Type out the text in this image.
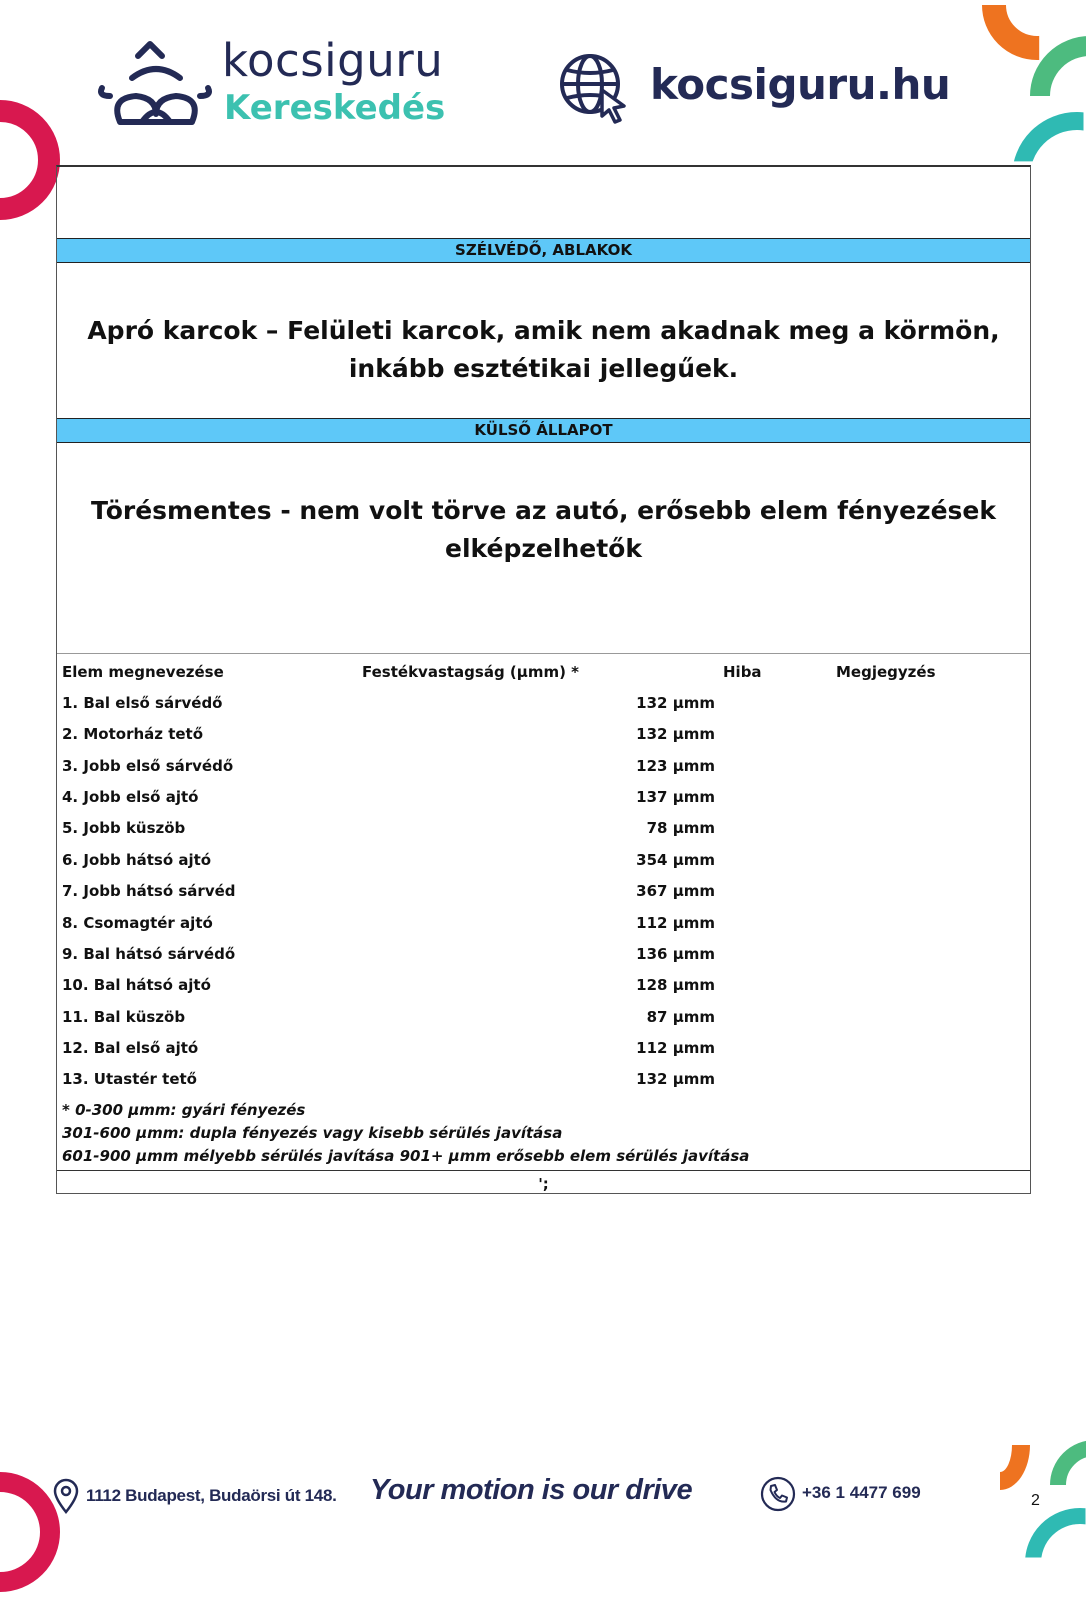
kocsiguru
Kereskedés	kocsiguru.hu
SZÉLVÉDŐ, ABLAKOK
Apró karcok – Felületi karcok, amik nem akadnak meg a körmön, inkább esztétikai jellegűek.
KÜLSŐ ÁLLAPOT
Törésmentes - nem volt törve az autó, erősebb elem fényezések elképzelhetők
Elem megnevezése	Festékvastagság (μmm) *	Hiba	Megjegyzés
1. Bal első sárvédő	132 μmm
2. Motorház tető	132 μmm
3. Jobb első sárvédő	123 μmm
4. Jobb első ajtó	137 μmm
5. Jobb küszöb	78 μmm
6. Jobb hátsó ajtó	354 μmm
7. Jobb hátsó sárvéd	367 μmm
8. Csomagtér ajtó	112 μmm
9. Bal hátsó sárvédő	136 μmm
10. Bal hátsó ajtó	128 μmm
11. Bal küszöb	87 μmm
12. Bal első ajtó	112 μmm
13. Utastér tető	132 μmm
* 0-300 μmm: gyári fényezés
301-600 μmm: dupla fényezés vagy kisebb sérülés javítása
601-900 μmm mélyebb sérülés javítása 901+ μmm erősebb elem sérülés javítása
';
1112 Budapest, Budaörsi út 148. Your motion is our drive	+36 1 4477 699	2
